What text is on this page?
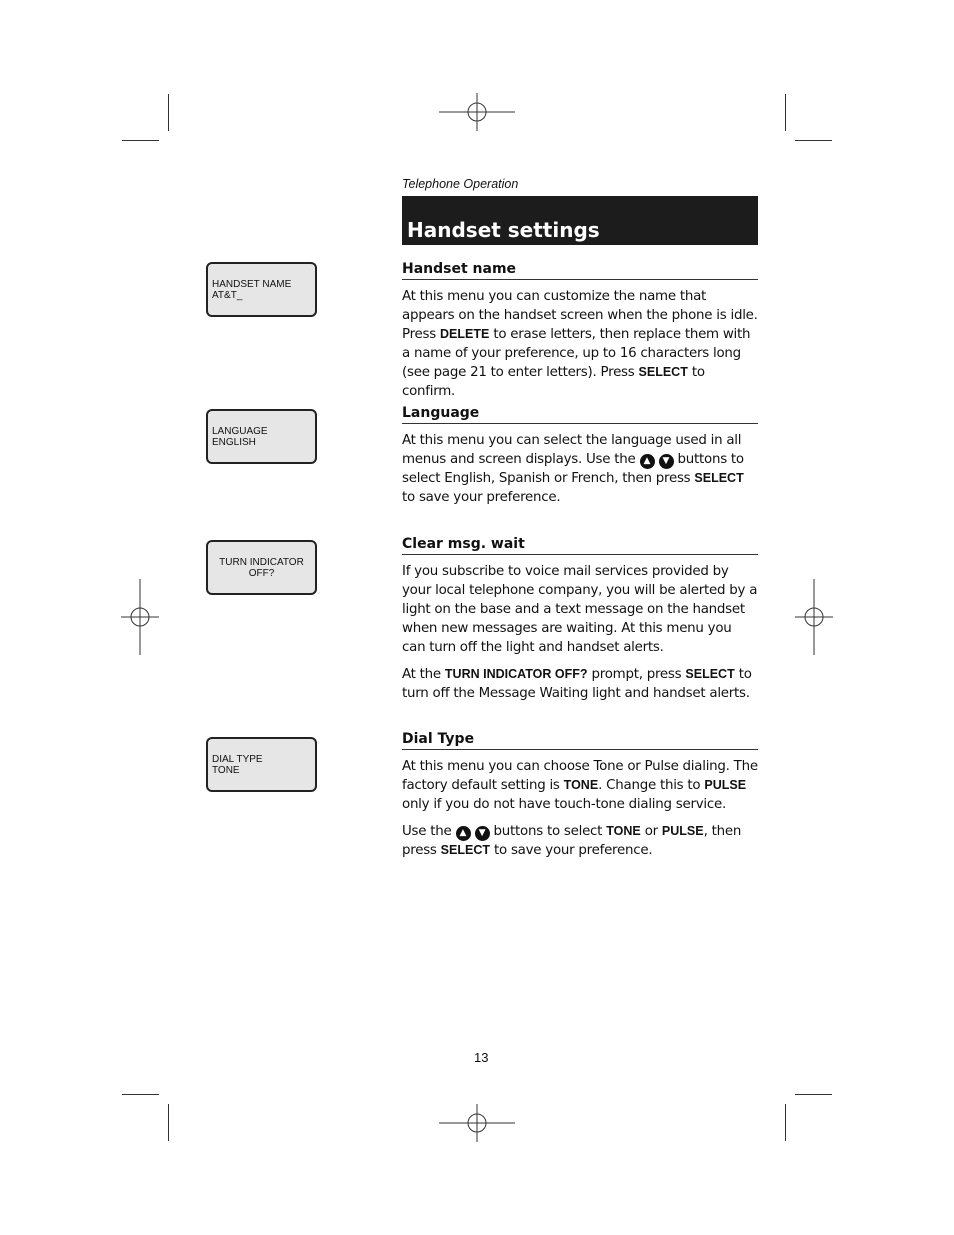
Telephone Operation
Handset settings
HANDSET NAME
AT&T_
LANGUAGE
ENGLISH
TURN INDICATOR
OFF?
DIAL TYPE
TONE
Handset name

At this menu you can customize the name that appears on the handset screen when the phone is idle. Press DELETE to erase letters, then replace them with a name of your preference, up to 16 characters long (see page 21 to enter letters). Press SELECT to confirm.

Language

At this menu you can select the language used in all menus and screen displays. Use the ▲ ▼ buttons to select English, Spanish or French, then press SELECT to save your preference.

Clear msg. wait

If you subscribe to voice mail services provided by your local telephone company, you will be alerted by a light on the base and a text message on the handset when new messages are waiting. At this menu you can turn off the light and handset alerts.

At the TURN INDICATOR OFF? prompt, press SELECT to turn off the Message Waiting light and handset alerts.

Dial Type

At this menu you can choose Tone or Pulse dialing. The factory default setting is TONE. Change this to PULSE only if you do not have touch-tone dialing service.

Use the ▲ ▼ buttons to select TONE or PULSE, then press SELECT to save your preference.

13
